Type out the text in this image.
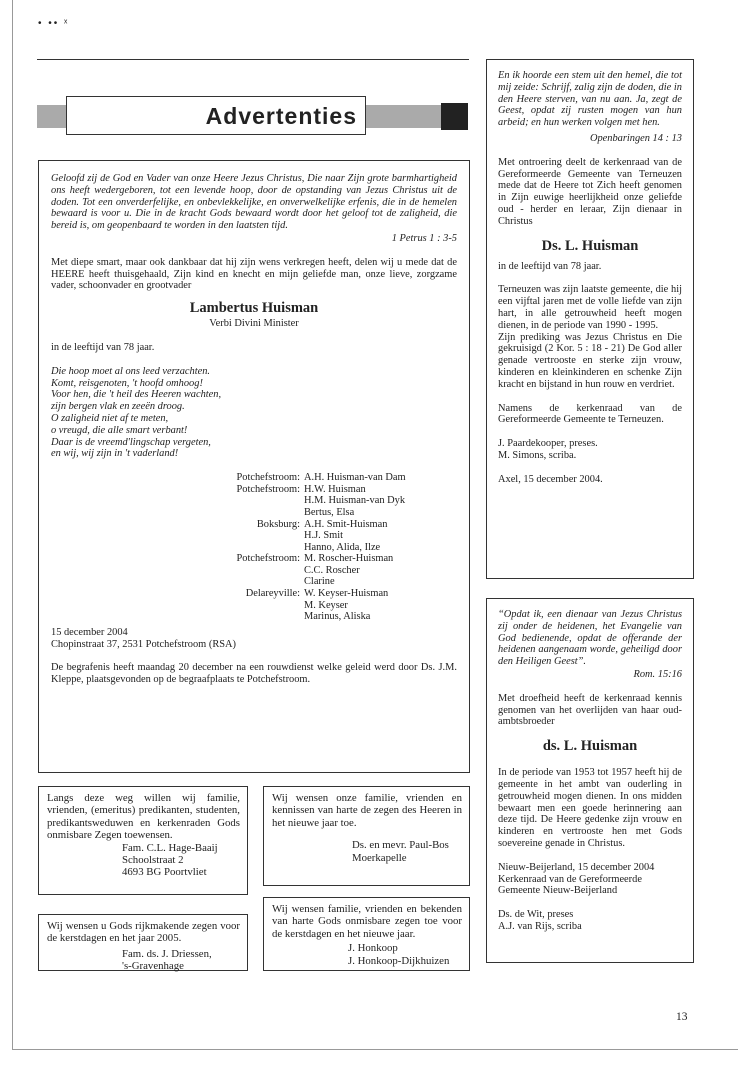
• •• ˣ
Advertenties

Geloofd zij de God en Vader van onze Heere Jezus Christus, Die naar Zijn grote barmhartigheid ons heeft wedergeboren, tot een levende hoop, door de opstanding van Jezus Christus uit de doden. Tot een onverderfelijke, en onbevlekkelijke, en onverwelkelijke erfenis, die in de hemelen bewaard is voor u. Die in de kracht Gods bewaard wordt door het geloof tot de zaligheid, die bereid is, om geopenbaard te worden in den laatsten tijd.

1 Petrus 1 : 3-5

Met diepe smart, maar ook dankbaar dat hij zijn wens verkregen heeft, delen wij u mede dat de HEERE heeft thuisgehaald, Zijn kind en knecht en mijn geliefde man, onze lieve, zorgzame vader, schoonvader en grootvader

Lambertus Huisman

Verbi Divini Minister

in de leeftijd van 78 jaar.

Die hoop moet al ons leed verzachten.
Komt, reisgenoten, 't hoofd omhoog!
Voor hen, die 't heil des Heeren wachten,
zijn bergen vlak en zeeën droog.
O zaligheid niet af te meten,
o vreugd, die alle smart verbant!
Daar is de vreemd'lingschap vergeten,
en wij, wij zijn in 't vaderland!
Potchefstroom:	A.H. Huisman-van Dam
Potchefstroom:	H.W. Huisman
	H.M. Huisman-van Dyk
	Bertus, Elsa
Boksburg:	A.H. Smit-Huisman
	H.J. Smit
	Hanno, Alida, Ilze
Potchefstroom:	M. Roscher-Huisman
	C.C. Roscher
	Clarine
Delareyville:	W. Keyser-Huisman
	M. Keyser
	Marinus, Aliska

15 december 2004

Chopinstraat 37, 2531 Potchefstroom (RSA)

De begrafenis heeft maandag 20 december na een rouwdienst welke geleid werd door Ds. J.M. Kleppe, plaatsgevonden op de begraafplaats te Potchefstroom.

En ik hoorde een stem uit den hemel, die tot mij zeide: Schrijf, zalig zijn de doden, die in den Heere sterven, van nu aan. Ja, zegt de Geest, opdat zij rusten mogen van hun arbeid; en hun werken volgen met hen.

Openbaringen 14 : 13

Met ontroering deelt de kerkenraad van de Gereformeerde Gemeente van Terneuzen mede dat de Heere tot Zich heeft genomen in Zijn euwige heerlijkheid onze geliefde oud - herder en leraar, Zijn dienaar in Christus

Ds. L. Huisman

in de leeftijd van 78 jaar.

Terneuzen was zijn laatste gemeente, die hij een vijftal jaren met de volle liefde van zijn hart, in alle getrouwheid heeft mogen dienen, in de periode van 1990 - 1995.

Zijn prediking was Jezus Christus en Die gekruisigd (2 Kor. 5 : 18 - 21) De God aller genade vertrooste en sterke zijn vrouw, kinderen en kleinkinderen en schenke Zijn kracht en bijstand in hun rouw en verdriet.

Namens de kerkenraad van de Gereformeerde Gemeente te Terneuzen.

J. Paardekooper, preses.

M. Simons, scriba.

Axel, 15 december 2004.

“Opdat ik, een dienaar van Jezus Christus zij onder de heidenen, het Evangelie van God bedienende, opdat de offerande der heidenen aangenaam worde, geheiligd door den Heiligen Geest”.

Rom. 15:16

Met droefheid heeft de kerkenraad kennis genomen van het overlijden van haar oud-ambtsbroeder

ds. L. Huisman

In de periode van 1953 tot 1957 heeft hij de gemeente in het ambt van ouderling in getrouwheid mogen dienen. In ons midden bewaart men een goede herinnering aan deze tijd. De Heere gedenke zijn vrouw en kinderen en vertrooste hen met Gods soevereine genade in Christus.

Nieuw-Beijerland, 15 december 2004

Kerkenraad van de Gereformeerde

Gemeente Nieuw-Beijerland

Ds. de Wit, preses

A.J. van Rijs, scriba

Langs deze weg willen wij familie, vrienden, (emeritus) predikanten, studenten, predikantsweduwen en kerkenraden Gods onmisbare Zegen toewensen.

Fam. C.L. Hage-Baaij

Schoolstraat 2

4693 BG Poortvliet

Wij wensen onze familie, vrienden en kennissen van harte de zegen des Heeren in het nieuwe jaar toe.

Ds. en mevr. Paul-Bos

Moerkapelle

Wij wensen u Gods rijkmakende zegen voor de kerstdagen en het jaar 2005.

Fam. ds. J. Driessen,

's-Gravenhage

Wij wensen familie, vrienden en bekenden van harte Gods onmisbare zegen toe voor de kerstdagen en het nieuwe jaar.

J. Honkoop

J. Honkoop-Dijkhuizen

13
